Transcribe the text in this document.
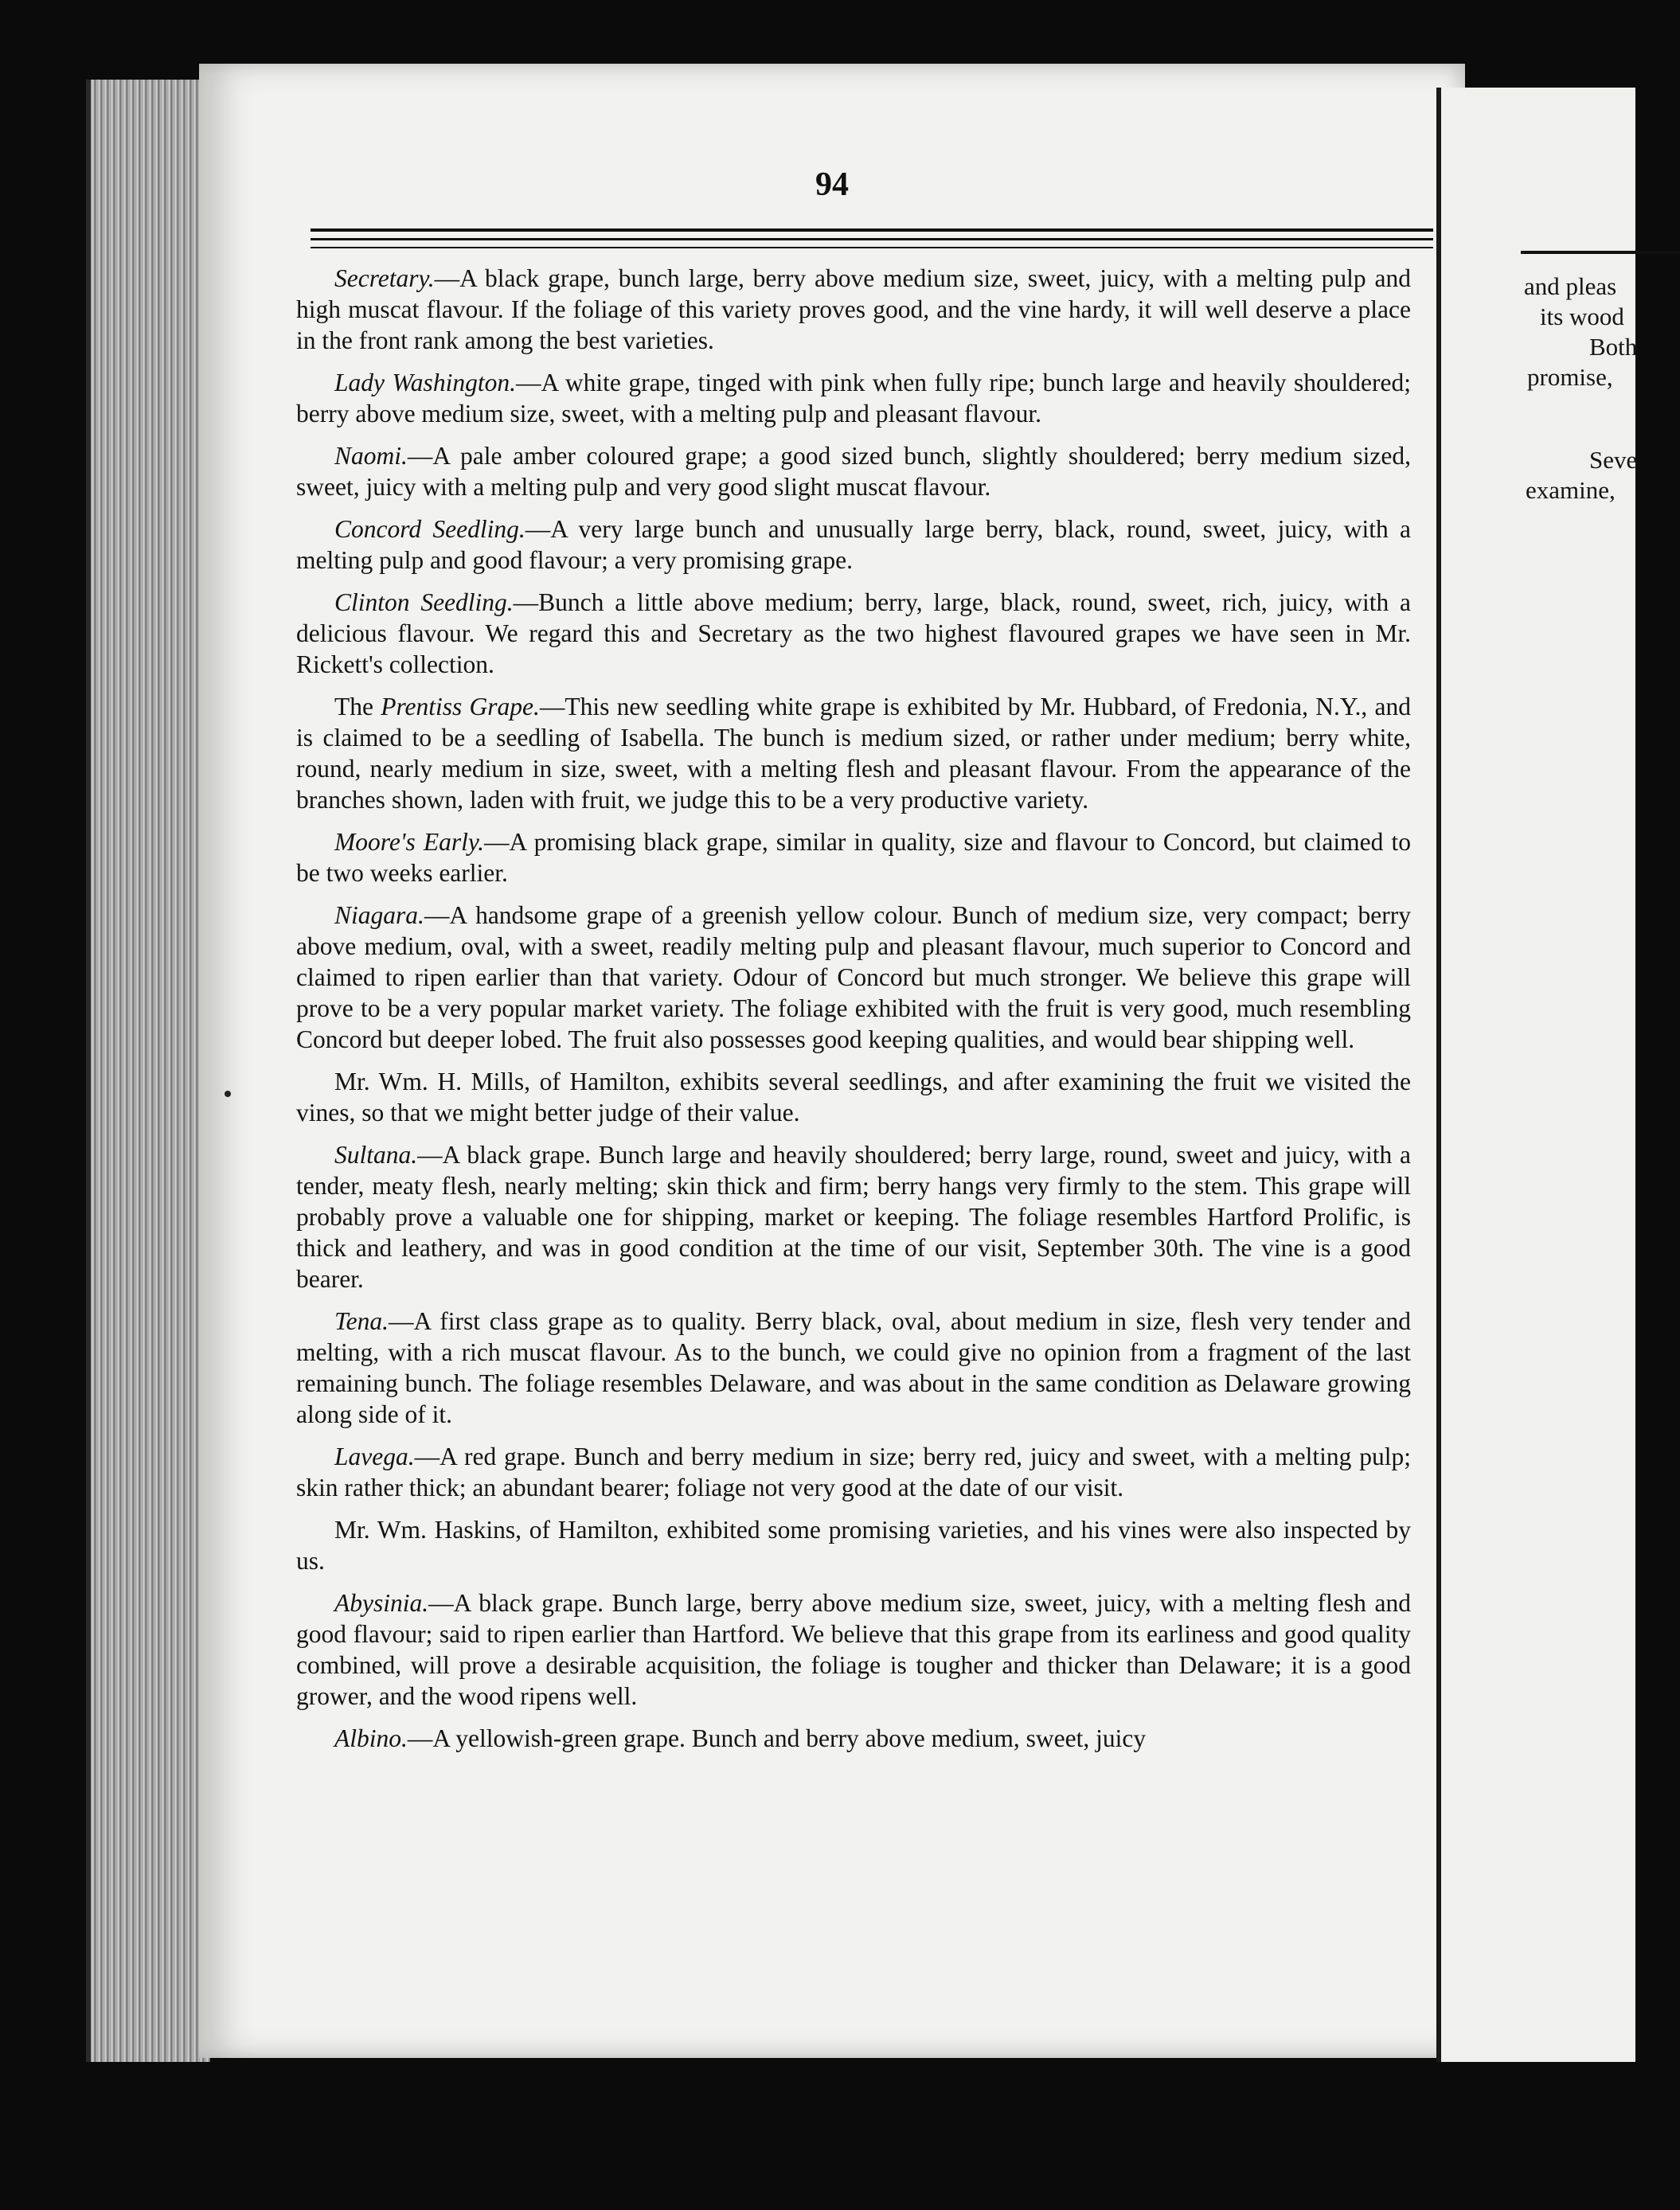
94

Secretary.—A black grape, bunch large, berry above medium size, sweet, juicy, with a melting pulp and high muscat flavour. If the foliage of this variety proves good, and the vine hardy, it will well deserve a place in the front rank among the best varieties.

Lady Washington.—A white grape, tinged with pink when fully ripe; bunch large and heavily shouldered; berry above medium size, sweet, with a melting pulp and pleasant flavour.

Naomi.—A pale amber coloured grape; a good sized bunch, slightly shouldered; berry medium sized, sweet, juicy with a melting pulp and very good slight muscat flavour.

Concord Seedling.—A very large bunch and unusually large berry, black, round, sweet, juicy, with a melting pulp and good flavour; a very promising grape.

Clinton Seedling.—Bunch a little above medium; berry, large, black, round, sweet, rich, juicy, with a delicious flavour. We regard this and Secretary as the two highest flavoured grapes we have seen in Mr. Rickett's collection.

The Prentiss Grape.—This new seedling white grape is exhibited by Mr. Hubbard, of Fredonia, N.Y., and is claimed to be a seedling of Isabella. The bunch is medium sized, or rather under medium; berry white, round, nearly medium in size, sweet, with a melting flesh and pleasant flavour. From the appearance of the branches shown, laden with fruit, we judge this to be a very productive variety.

Moore's Early.—A promising black grape, similar in quality, size and flavour to Concord, but claimed to be two weeks earlier.

Niagara.—A handsome grape of a greenish yellow colour. Bunch of medium size, very compact; berry above medium, oval, with a sweet, readily melting pulp and pleasant flavour, much superior to Concord and claimed to ripen earlier than that variety. Odour of Concord but much stronger. We believe this grape will prove to be a very popular market variety. The foliage exhibited with the fruit is very good, much resembling Concord but deeper lobed. The fruit also possesses good keeping qualities, and would bear shipping well.

Mr. Wm. H. Mills, of Hamilton, exhibits several seedlings, and after examining the fruit we visited the vines, so that we might better judge of their value.

Sultana.—A black grape. Bunch large and heavily shouldered; berry large, round, sweet and juicy, with a tender, meaty flesh, nearly melting; skin thick and firm; berry hangs very firmly to the stem. This grape will probably prove a valuable one for shipping, market or keeping. The foliage resembles Hartford Prolific, is thick and leathery, and was in good condition at the time of our visit, September 30th. The vine is a good bearer.

Tena.—A first class grape as to quality. Berry black, oval, about medium in size, flesh very tender and melting, with a rich muscat flavour. As to the bunch, we could give no opinion from a fragment of the last remaining bunch. The foliage resembles Delaware, and was about in the same condition as Delaware growing along side of it.

Lavega.—A red grape. Bunch and berry medium in size; berry red, juicy and sweet, with a melting pulp; skin rather thick; an abundant bearer; foliage not very good at the date of our visit.

Mr. Wm. Haskins, of Hamilton, exhibited some promising varieties, and his vines were also inspected by us.

Abysinia.—A black grape. Bunch large, berry above medium size, sweet, juicy, with a melting flesh and good flavour; said to ripen earlier than Hartford. We believe that this grape from its earliness and good quality combined, will prove a desirable acquisition, the foliage is tougher and thicker than Delaware; it is a good grower, and the wood ripens well.

Albino.—A yellowish-green grape. Bunch and berry above medium, sweet, juicy

and pleas
its wood
Both
promise,
Seve
examine,
